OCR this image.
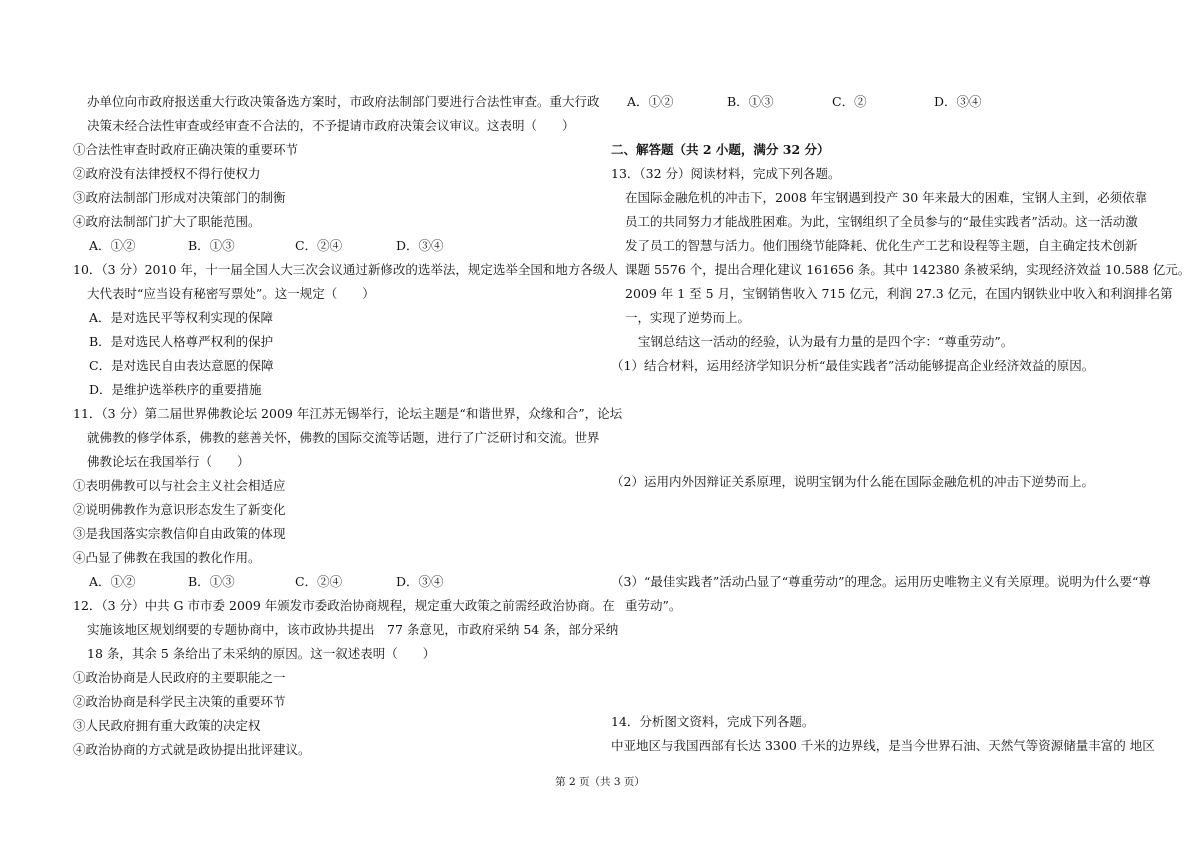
办单位向市政府报送重大行政决策备选方案时，市政府法制部门要进行合法性审查。重大行政
决策未经合法性审查或经审查不合法的，不予提请市政府决策会议审议。这表明（　　）
①合法性审查时政府正确决策的重要环节
②政府没有法律授权不得行使权力
③政府法制部门形成对决策部门的制衡
④政府法制部门扩大了职能范围。
A．①②	B．①③	C．②④	D．③④
10．（3 分）2010 年，十一届全国人大三次会议通过新修改的选举法，规定选举全国和地方各级人
大代表时“应当设有秘密写票处”。这一规定（　　）
A．是对选民平等权利实现的保障
B．是对选民人格尊严权利的保护
C．是对选民自由表达意愿的保障
D．是维护选举秩序的重要措施
11．（3 分）第二届世界佛教论坛 2009 年江苏无锡举行，论坛主题是“和谐世界，众缘和合”，论坛
就佛教的修学体系，佛教的慈善关怀，佛教的国际交流等话题，进行了广泛研讨和交流。世界
佛教论坛在我国举行（　　）
①表明佛教可以与社会主义社会相适应
②说明佛教作为意识形态发生了新变化
③是我国落实宗教信仰自由政策的体现
④凸显了佛教在我国的教化作用。
A．①②	B．①③	C．②④	D．③④
12．（3 分）中共 G 市市委 2009 年颁发市委政治协商规程，规定重大政策之前需经政治协商。在
实施该地区规划纲要的专题协商中，该市政协共提出　77 条意见，市政府采纳 54 条，部分采纳
18 条，其余 5 条给出了未采纳的原因。这一叙述表明（　　）
①政治协商是人民政府的主要职能之一
②政治协商是科学民主决策的重要环节
③人民政府拥有重大政策的决定权
④政治协商的方式就是政协提出批评建议。
A．①②	B．①③	C．②	D．③④
二、解答题（共 2 小题，满分 32 分）
13．（32 分）阅读材料，完成下列各题。
在国际金融危机的冲击下，2008 年宝钢遇到投产 30 年来最大的困难，宝钢人主到，必须依靠
员工的共同努力才能战胜困难。为此，宝钢组织了全员参与的“最佳实践者”活动。这一活动激
发了员工的智慧与活力。他们围绕节能降耗、优化生产工艺和设程等主题，自主确定技术创新
课题 5576 个，提出合理化建议 161656 条。其中 142380 条被采纳，实现经济效益 10.588 亿元。
2009 年 1 至 5 月，宝钢销售收入 715 亿元，利润 27.3 亿元，在国内钢铁业中收入和利润排名第
一，实现了逆势而上。
宝钢总结这一活动的经验，认为最有力量的是四个字：“尊重劳动”。
（1）结合材料，运用经济学知识分析“最佳实践者”活动能够提高企业经济效益的原因。
（2）运用内外因辩证关系原理，说明宝钢为什么能在国际金融危机的冲击下逆势而上。
（3）“最佳实践者”活动凸显了“尊重劳动”的理念。运用历史唯物主义有关原理。说明为什么要“尊
重劳动”。
14．分析图文资料，完成下列各题。
中亚地区与我国西部有长达 3300 千米的边界线，是当今世界石油、天然气等资源储量丰富的 地区
第 2 页（共 3 页）
